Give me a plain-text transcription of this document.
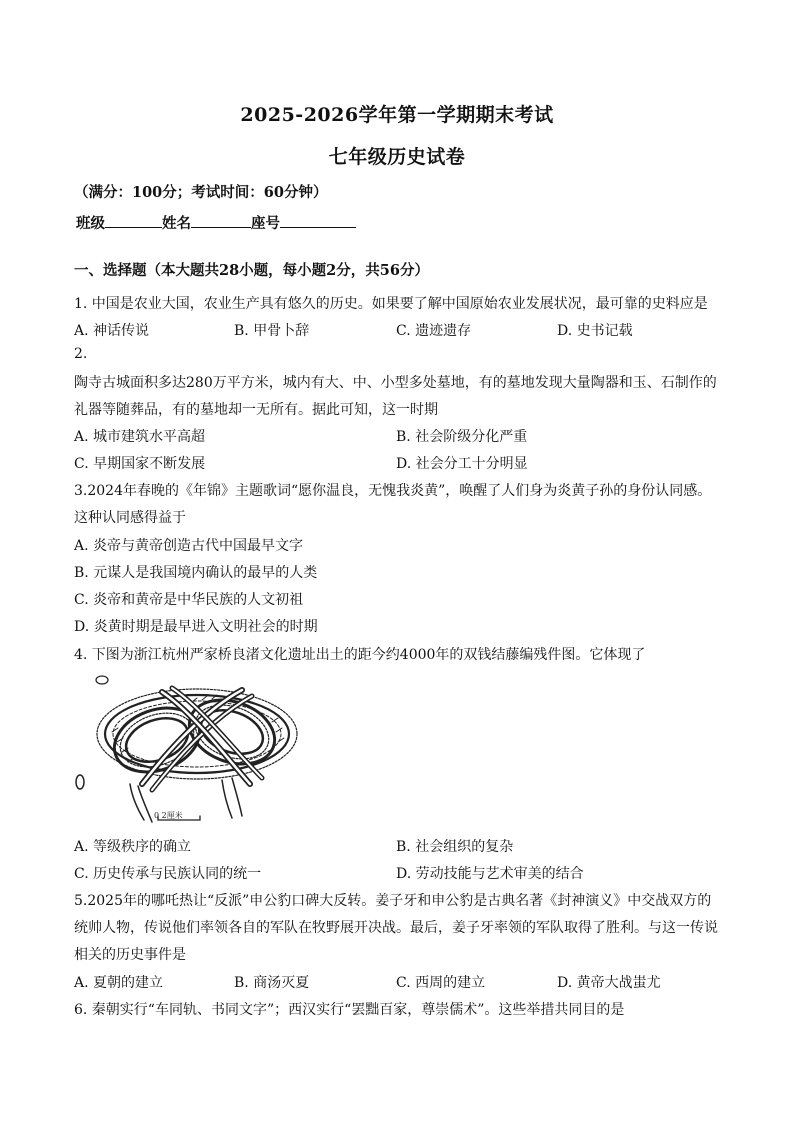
2025-2026学年第一学期期末考试
七年级历史试卷
（满分：100分；考试时间：60分钟）
班级	姓名	座号
一、选择题（本大题共28小题，每小题2分，共56分）
1. 中国是农业大国，农业生产具有悠久的历史。如果要了解中国原始农业发展状况，最可靠的史料应是
A. 神话传说	B. 甲骨卜辞	C. 遗迹遗存	D. 史书记载
2.
陶寺古城面积多达280万平方米，城内有大、中、小型多处墓地，有的墓地发现大量陶器和玉、石制作的
礼器等随葬品，有的墓地却一无所有。据此可知，这一时期
A. 城市建筑水平高超	B. 社会阶级分化严重
C. 早期国家不断发展	D. 社会分工十分明显
3.2024年春晚的《年锦》主题歌词“愿你温良，无愧我炎黄”，唤醒了人们身为炎黄子孙的身份认同感。
这种认同感得益于
A. 炎帝与黄帝创造古代中国最早文字
B. 元谋人是我国境内确认的最早的人类
C. 炎帝和黄帝是中华民族的人文初祖
D. 炎黄时期是最早进入文明社会的时期
4. 下图为浙江杭州严家桥良渚文化遗址出土的距今约4000年的双钱结藤编残件图。它体现了
0 2厘米
A. 等级秩序的确立	B. 社会组织的复杂
C. 历史传承与民族认同的统一	D. 劳动技能与艺术审美的结合
5.2025年的哪吒热让“反派”申公豹口碑大反转。姜子牙和申公豹是古典名著《封神演义》中交战双方的
统帅人物，传说他们率领各自的军队在牧野展开决战。最后，姜子牙率领的军队取得了胜利。与这一传说
相关的历史事件是
A. 夏朝的建立	B. 商汤灭夏	C. 西周的建立	D. 黄帝大战蚩尤
6. 秦朝实行“车同轨、书同文字”；西汉实行“罢黜百家，尊崇儒术”。这些举措共同目的是
